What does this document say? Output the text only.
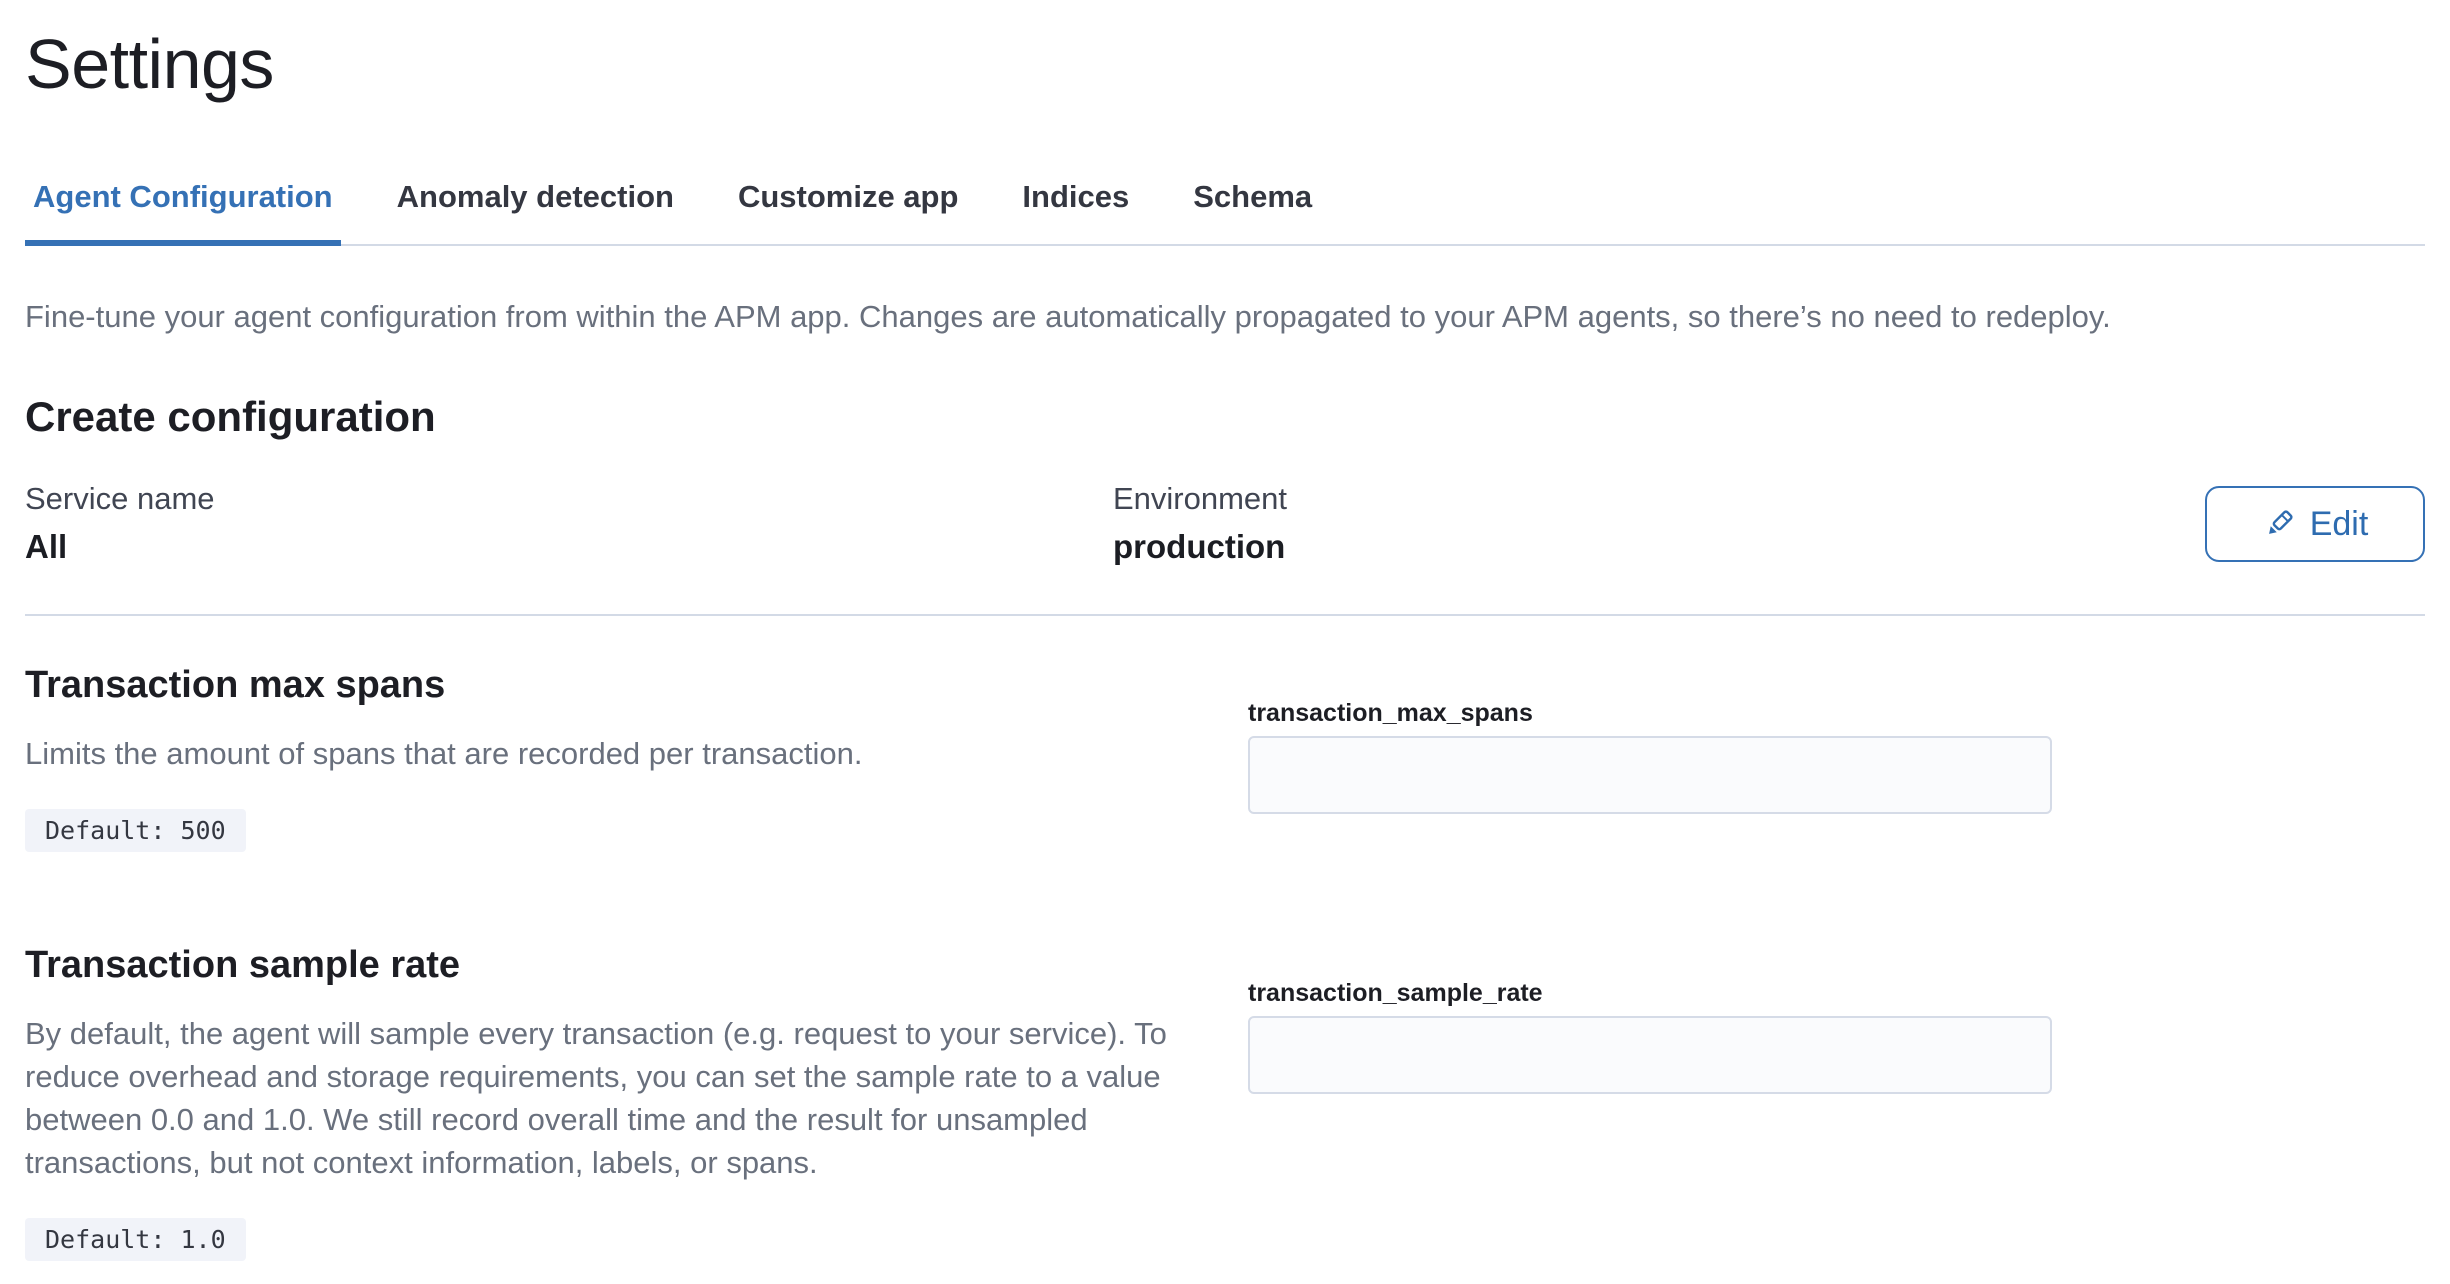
Settings
Agent Configuration Anomaly detection Customize app Indices Schema

Fine-tune your agent configuration from within the APM app. Changes are automatically propagated to your APM agents, so there’s no need to redeploy.

Create configuration
Service name
All
Environment
production
Edit
Transaction max spans

Limits the amount of spans that are recorded per transaction.

Default: 500
transaction_max_spans
Transaction sample rate

By default, the agent will sample every transaction (e.g. request to your service). To reduce overhead and storage requirements, you can set the sample rate to a value between 0.0 and 1.0. We still record overall time and the result for unsampled transactions, but not context information, labels, or spans.

Default: 1.0
transaction_sample_rate
